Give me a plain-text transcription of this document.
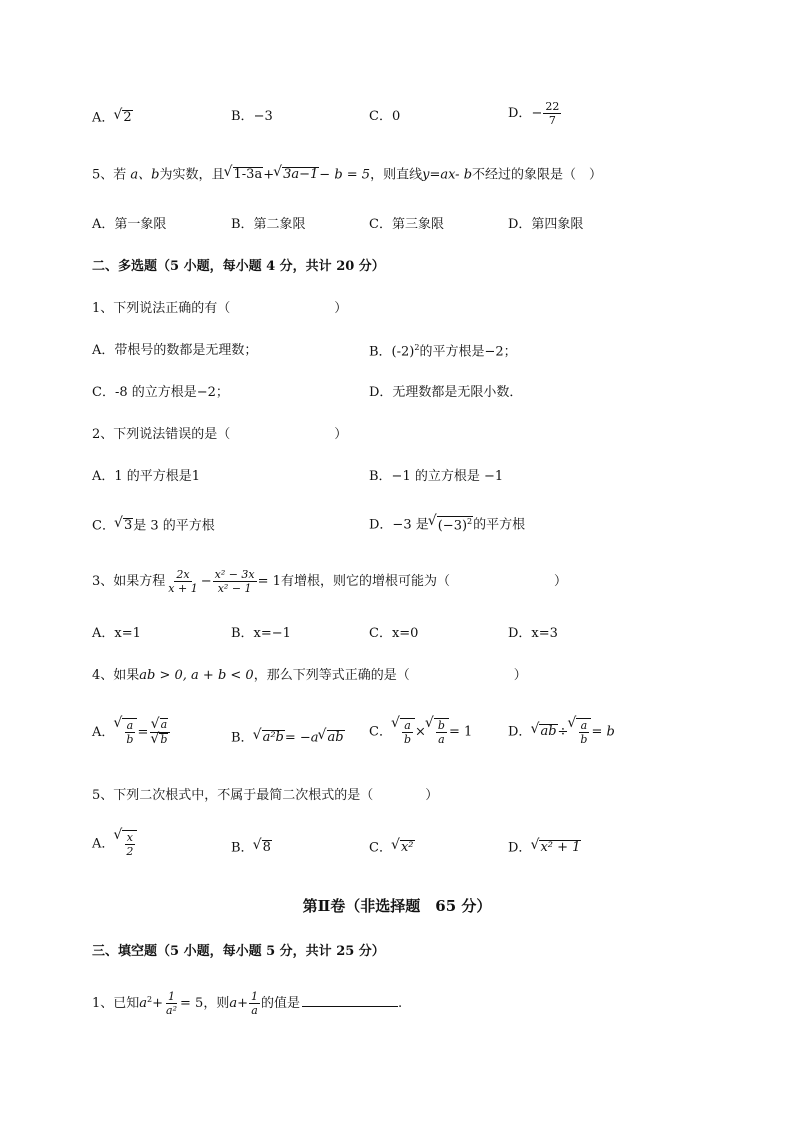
A． √ 2	B．−3	C．0	D．− $\frac{22}{7}$
5、若 a、b为实数，且 √ 1-3a+ √ 3a−1− b = 5，则直线y=ax- b不经过的象限是（　）
A．第一象限	B．第二象限	C．第三象限	D．第四象限
二、多选题（5 小题，每小题 4 分，共计 20 分）
1、下列说法正确的有（　　　　　　　　）
A．带根号的数都是无理数；	B．$(-2)^2$的平方根是−2；
C．-8 的立方根是−2；	D．无理数都是无限小数．
2、下列说法错误的是（　　　　　　　　）
A．1 的平方根是1	B．−1 的立方根是 −1
C． √ 3是 3 的平方根	D．−3 是 √ $(-3)^2$的平方根
3、如果方程 $\frac{2x}{x + 1} - \frac{\text{x² − 3x}}{\text{x² − 1}} = 1$有增根，则它的增根可能为（　　　　　　　　）
A．x=1	B．x=−1	C．x=0	D．x=3
4、如果ab > 0, a + b < 0，那么下列等式正确的是（　　　　　　　　）
A． √ $\frac{a}{b}$ = √ a
√ b	B． √ a²b= −a √ ab C． √ $\frac{a}{b}$ × √ $\frac{b}{a} = 1$	D． √ ab÷ √ $\frac{a}{b} = b$
5、下列二次根式中，不属于最简二次根式的是（　　　　）
A． √ $\frac{x}{2}$	B． √ 8	C． √ x²	D． √ x² + 1
第Ⅱ卷（非选择题　65 分）
三、填空题（5 小题，每小题 5 分，共计 25 分）
1、已知$a^2+ \frac{1}{\text{a²}} = 5$，则$a+ \frac{1}{a}$ 的值是	.
